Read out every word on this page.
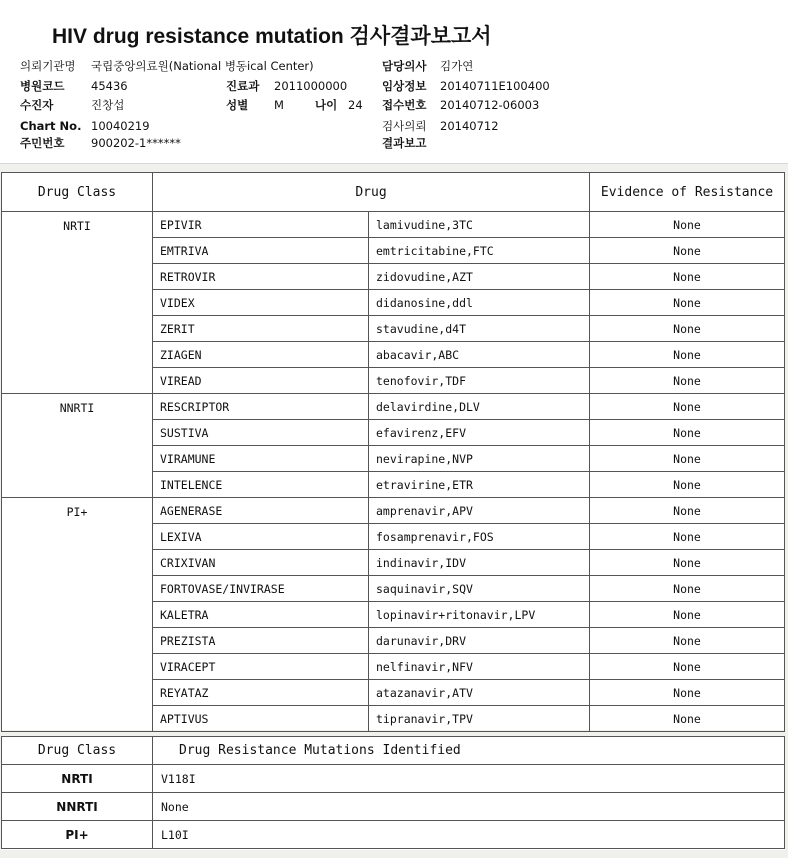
HIV drug resistance mutation 검사결과보고서
의뢰기관명 국립중앙의료원(National 병동ical Center)
병원코드 45436	진료과 2011000000
수진자	진창섭	성별 M	나이 24
Chart No. 10040219
주민번호 900202-1******
담당의사 김가연
임상정보 20140711E100400
접수번호 20140712-06003
검사의뢰 20140712
결과보고
Drug Class	Drug		Evidence of Resistance
NRTI	EPIVIR	lamivudine,3TC	None
	EMTRIVA	emtricitabine,FTC	None
	RETROVIR	zidovudine,AZT	None
	VIDEX	didanosine,ddl	None
	ZERIT	stavudine,d4T	None
	ZIAGEN	abacavir,ABC	None
	VIREAD	tenofovir,TDF	None
NNRTI	RESCRIPTOR	delavirdine,DLV	None
	SUSTIVA	efavirenz,EFV	None
	VIRAMUNE	nevirapine,NVP	None
	INTELENCE	etravirine,ETR	None
PI+	AGENERASE	amprenavir,APV	None
	LEXIVA	fosamprenavir,FOS	None
	CRIXIVAN	indinavir,IDV	None
	FORTOVASE/INVIRASE	saquinavir,SQV	None
	KALETRA	lopinavir+ritonavir,LPV	None
	PREZISTA	darunavir,DRV	None
	VIRACEPT	nelfinavir,NFV	None
	REYATAZ	atazanavir,ATV	None
	APTIVUS	tipranavir,TPV	None
Drug Class	Drug Resistance Mutations Identified
NRTI	V118I
NNRTI	None
PI+	L10I
